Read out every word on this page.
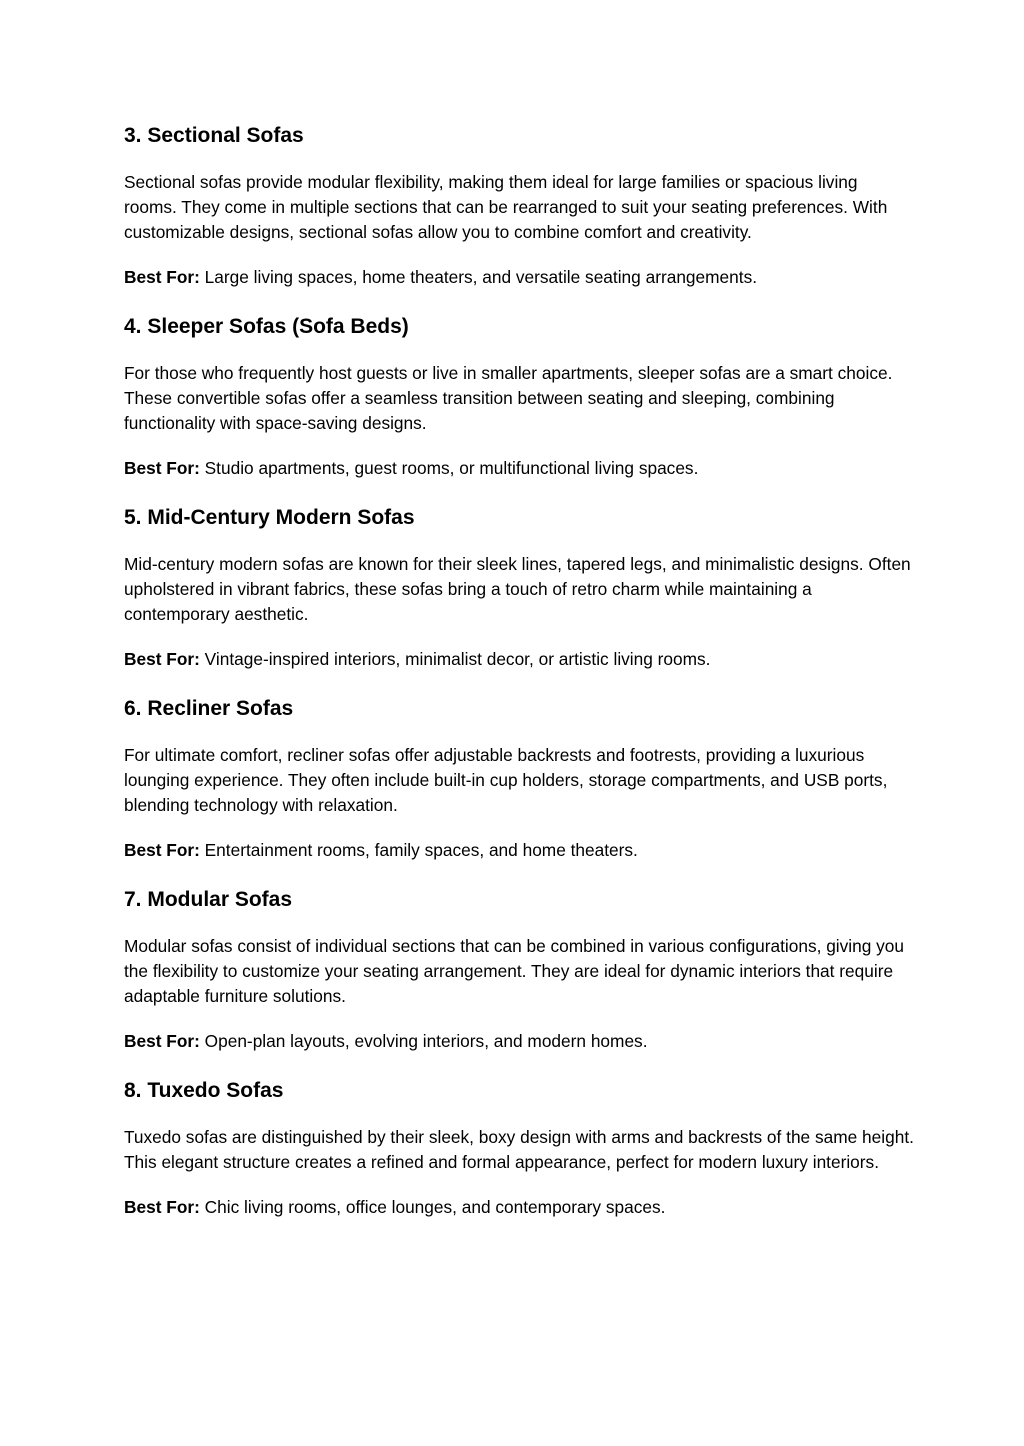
3. Sectional Sofas

Sectional sofas provide modular flexibility, making them ideal for large families or spacious living rooms. They come in multiple sections that can be rearranged to suit your seating preferences. With customizable designs, sectional sofas allow you to combine comfort and creativity.

Best For: Large living spaces, home theaters, and versatile seating arrangements.

4. Sleeper Sofas (Sofa Beds)

For those who frequently host guests or live in smaller apartments, sleeper sofas are a smart choice. These convertible sofas offer a seamless transition between seating and sleeping, combining functionality with space-saving designs.

Best For: Studio apartments, guest rooms, or multifunctional living spaces.

5. Mid-Century Modern Sofas

Mid-century modern sofas are known for their sleek lines, tapered legs, and minimalistic designs. Often upholstered in vibrant fabrics, these sofas bring a touch of retro charm while maintaining a contemporary aesthetic.

Best For: Vintage-inspired interiors, minimalist decor, or artistic living rooms.

6. Recliner Sofas

For ultimate comfort, recliner sofas offer adjustable backrests and footrests, providing a luxurious lounging experience. They often include built-in cup holders, storage compartments, and USB ports, blending technology with relaxation.

Best For: Entertainment rooms, family spaces, and home theaters.

7. Modular Sofas

Modular sofas consist of individual sections that can be combined in various configurations, giving you the flexibility to customize your seating arrangement. They are ideal for dynamic interiors that require adaptable furniture solutions.

Best For: Open-plan layouts, evolving interiors, and modern homes.

8. Tuxedo Sofas

Tuxedo sofas are distinguished by their sleek, boxy design with arms and backrests of the same height. This elegant structure creates a refined and formal appearance, perfect for modern luxury interiors.

Best For: Chic living rooms, office lounges, and contemporary spaces.
